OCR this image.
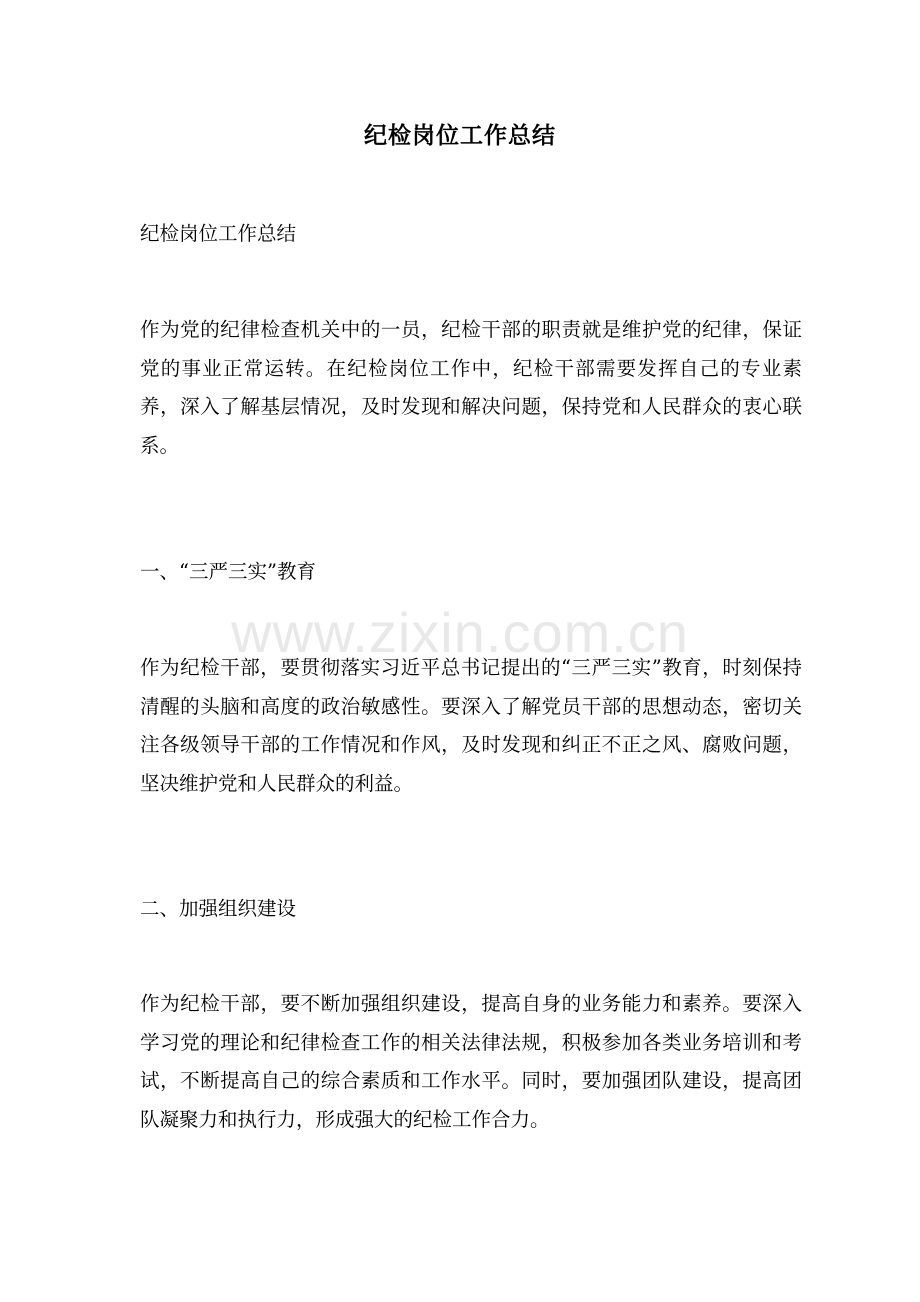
纪检岗位工作总结
纪检岗位工作总结
作为党的纪律检查机关中的一员，纪检干部的职责就是维护党的纪律，保证党的事业正常运转。在纪检岗位工作中，纪检干部需要发挥自己的专业素养，深入了解基层情况，及时发现和解决问题，保持党和人民群众的衷心联系。
一、“三严三实”教育
作为纪检干部，要贯彻落实习近平总书记提出的“三严三实”教育，时刻保持清醒的头脑和高度的政治敏感性。要深入了解党员干部的思想动态，密切关注各级领导干部的工作情况和作风，及时发现和纠正不正之风、腐败问题，坚决维护党和人民群众的利益。
二、加强组织建设
作为纪检干部，要不断加强组织建设，提高自身的业务能力和素养。要深入学习党的理论和纪律检查工作的相关法律法规，积极参加各类业务培训和考试，不断提高自己的综合素质和工作水平。同时，要加强团队建设，提高团队凝聚力和执行力，形成强大的纪检工作合力。
www.zixin.com.cn
